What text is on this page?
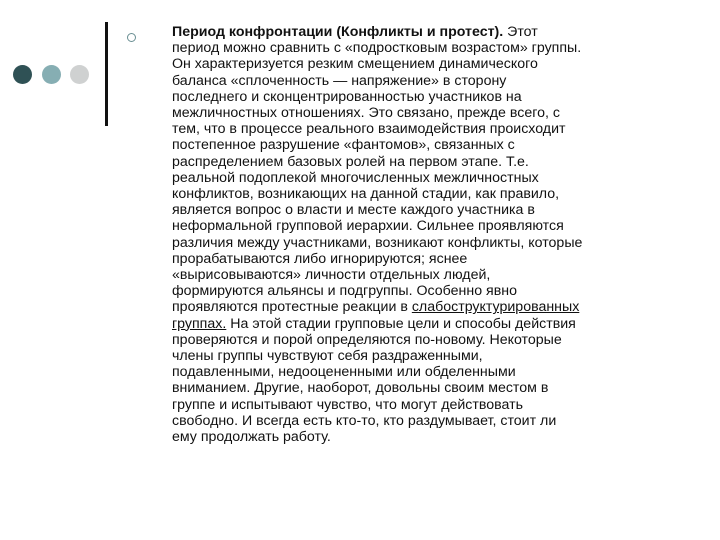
Период конфронтации (Конфликты и протест). Этот
период можно сравнить с «подростковым возрастом» группы.
Он характеризуется резким смещением динамического
баланса «сплоченность — напряжение» в сторону
последнего и сконцентрированностью участников на
межличностных отношениях. Это связано, прежде всего, с
тем, что в процессе реального взаимодействия происходит
постепенное разрушение «фантомов», связанных с
распределением базовых ролей на первом этапе. Т.е.
реальной подоплекой многочисленных межличностных
конфликтов, возникающих на данной стадии, как правило,
является вопрос о власти и месте каждого участника в
неформальной групповой иерархии. Сильнее проявляются
различия между участниками, возникают конфликты, которые
прорабатываются либо игнорируются; яснее
«вырисовываются» личности отдельных людей,
формируются альянсы и подгруппы. Особенно явно
проявляются протестные реакции в слабоструктурированных
группах. На этой стадии групповые цели и способы действия
проверяются и порой определяются по-новому. Некоторые
члены группы чувствуют себя раздраженными,
подавленными, недооцененными или обделенными
вниманием. Другие, наоборот, довольны своим местом в
группе и испытывают чувство, что могут действовать
свободно. И всегда есть кто-то, кто раздумывает, стоит ли
ему продолжать работу.
